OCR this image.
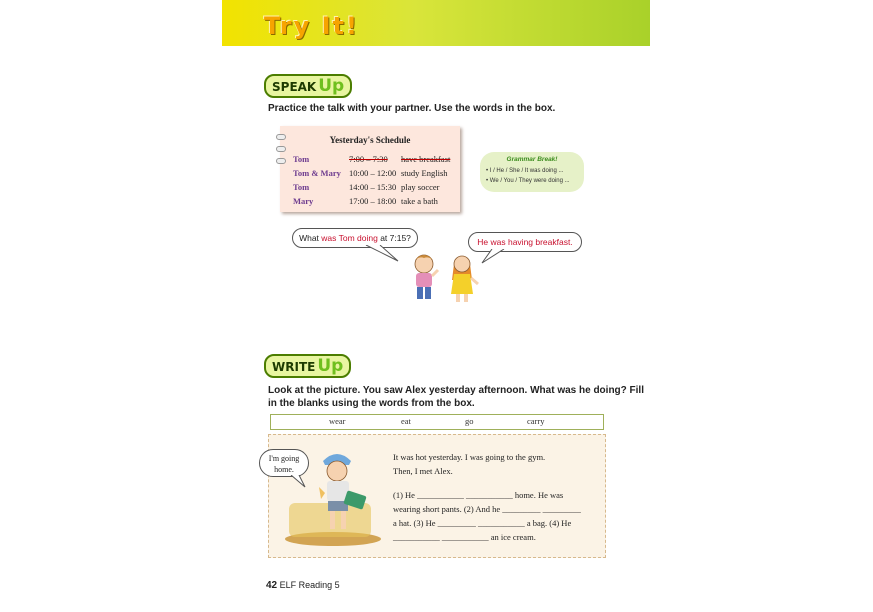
Try It!
SPEAK Up
Practice the talk with your partner. Use the words in the box.
Yesterday's Schedule
Tom	7:00 – 7:30 have breakfast
Tom & Mary 10:00 – 12:00 study English
Tom	14:00 – 15:30 play soccer
Mary	17:00 – 18:00 take a bath
Grammar Break!
• I / He / She / It was doing ...
• We / You / They were doing ...
What was Tom doing at 7:15?	He was having breakfast.
WRITE Up
Look at the picture. You saw Alex yesterday afternoon. What was he doing? Fill
in the blanks using the words from the box.
wear	eat	go	carry
I'm going home.
It was hot yesterday. I was going to the gym.
Then, I met Alex.
(1) He ___________ ___________ home. He was
wearing short pants. (2) And he _________ _________
a hat. (3) He _________ ___________ a bag. (4) He
___________ ___________ an ice cream.
42 ELF Reading 5
